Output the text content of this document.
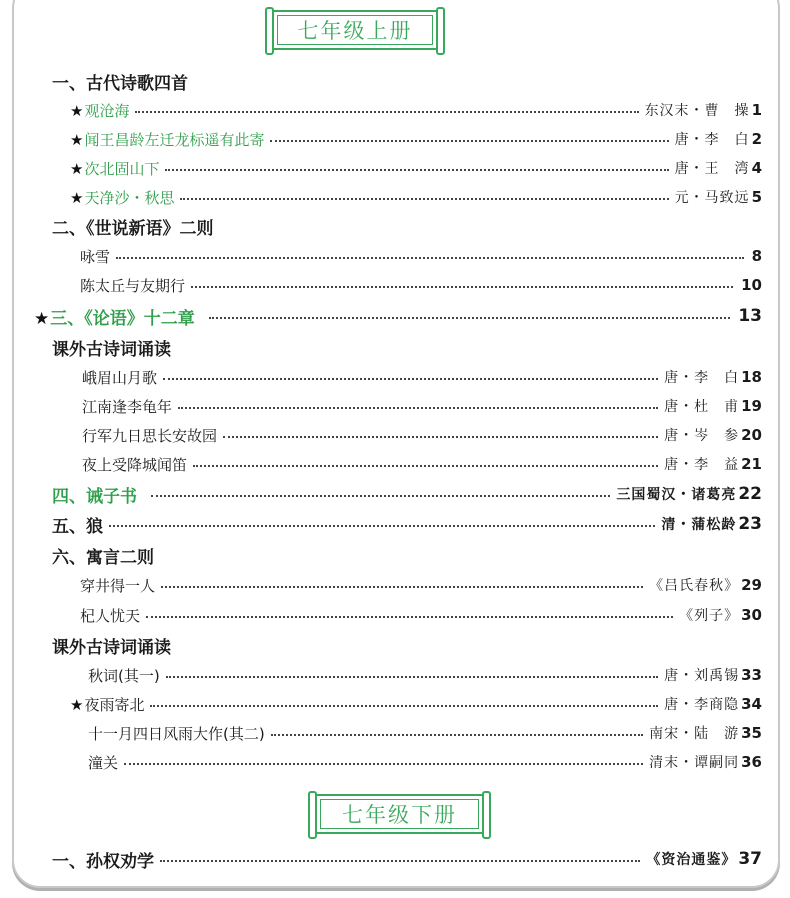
七年级上册
一、古代诗歌四首
★观沧海	东汉末・曹　操 1
★闻王昌龄左迁龙标遥有此寄	唐・李　白 2
★次北固山下	唐・王　湾 4
★天净沙・秋思	元・马致远 5
二、《世说新语》二则
咏雪	8
陈太丘与友期行	10
★三、《论语》十二章	13
课外古诗词诵读
峨眉山月歌	唐・李　白 18
江南逢李龟年	唐・杜　甫 19
行军九日思长安故园	唐・岑　参 20
夜上受降城闻笛	唐・李　益 21
四、诫子书	三国蜀汉・诸葛亮 22
五、狼	清・蒲松龄 23
六、寓言二则
穿井得一人	《吕氏春秋》 29
杞人忧天	《列子》 30
课外古诗词诵读
秋词(其一)	唐・刘禹锡 33
★夜雨寄北	唐・李商隐 34
十一月四日风雨大作(其二)	南宋・陆　游 35
潼关	清末・谭嗣同 36
七年级下册
一、孙权劝学	《资治通鉴》 37
